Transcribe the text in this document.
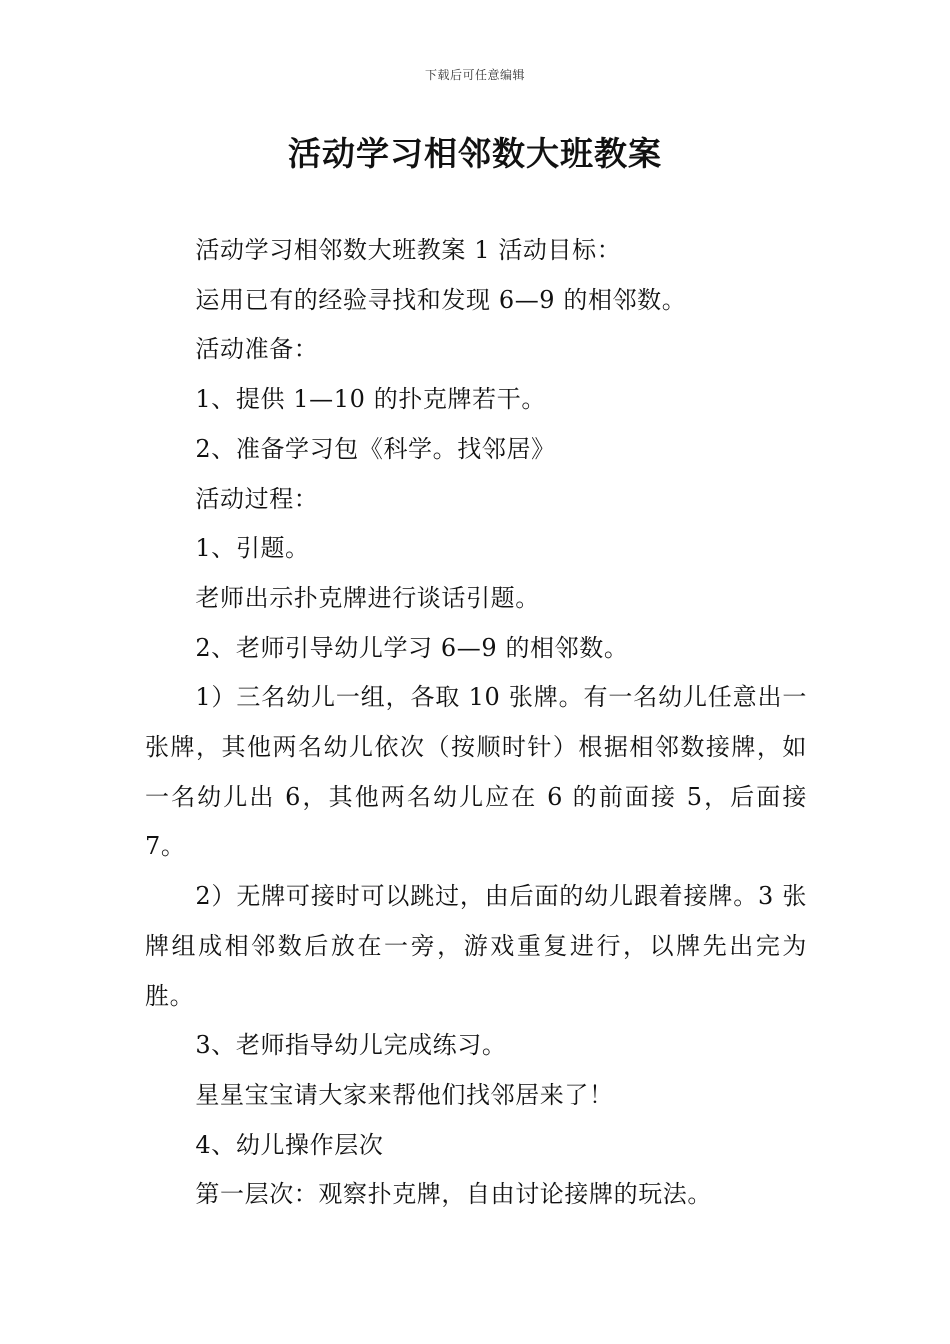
下载后可任意编辑
活动学习相邻数大班教案

活动学习相邻数大班教案 1 活动目标：

运用已有的经验寻找和发现 6—9 的相邻数。

活动准备：

1、提供 1—10 的扑克牌若干。

2、准备学习包《科学。找邻居》

活动过程：

1、引题。

老师出示扑克牌进行谈话引题。

2、老师引导幼儿学习 6—9 的相邻数。

1）三名幼儿一组，各取 10 张牌。有一名幼儿任意出一张牌，其他两名幼儿依次（按顺时针）根据相邻数接牌，如一名幼儿出 6，其他两名幼儿应在 6 的前面接 5，后面接 7。

2）无牌可接时可以跳过，由后面的幼儿跟着接牌。3 张牌组成相邻数后放在一旁，游戏重复进行，以牌先出完为胜。

3、老师指导幼儿完成练习。

星星宝宝请大家来帮他们找邻居来了！

4、幼儿操作层次

第一层次：观察扑克牌，自由讨论接牌的玩法。
